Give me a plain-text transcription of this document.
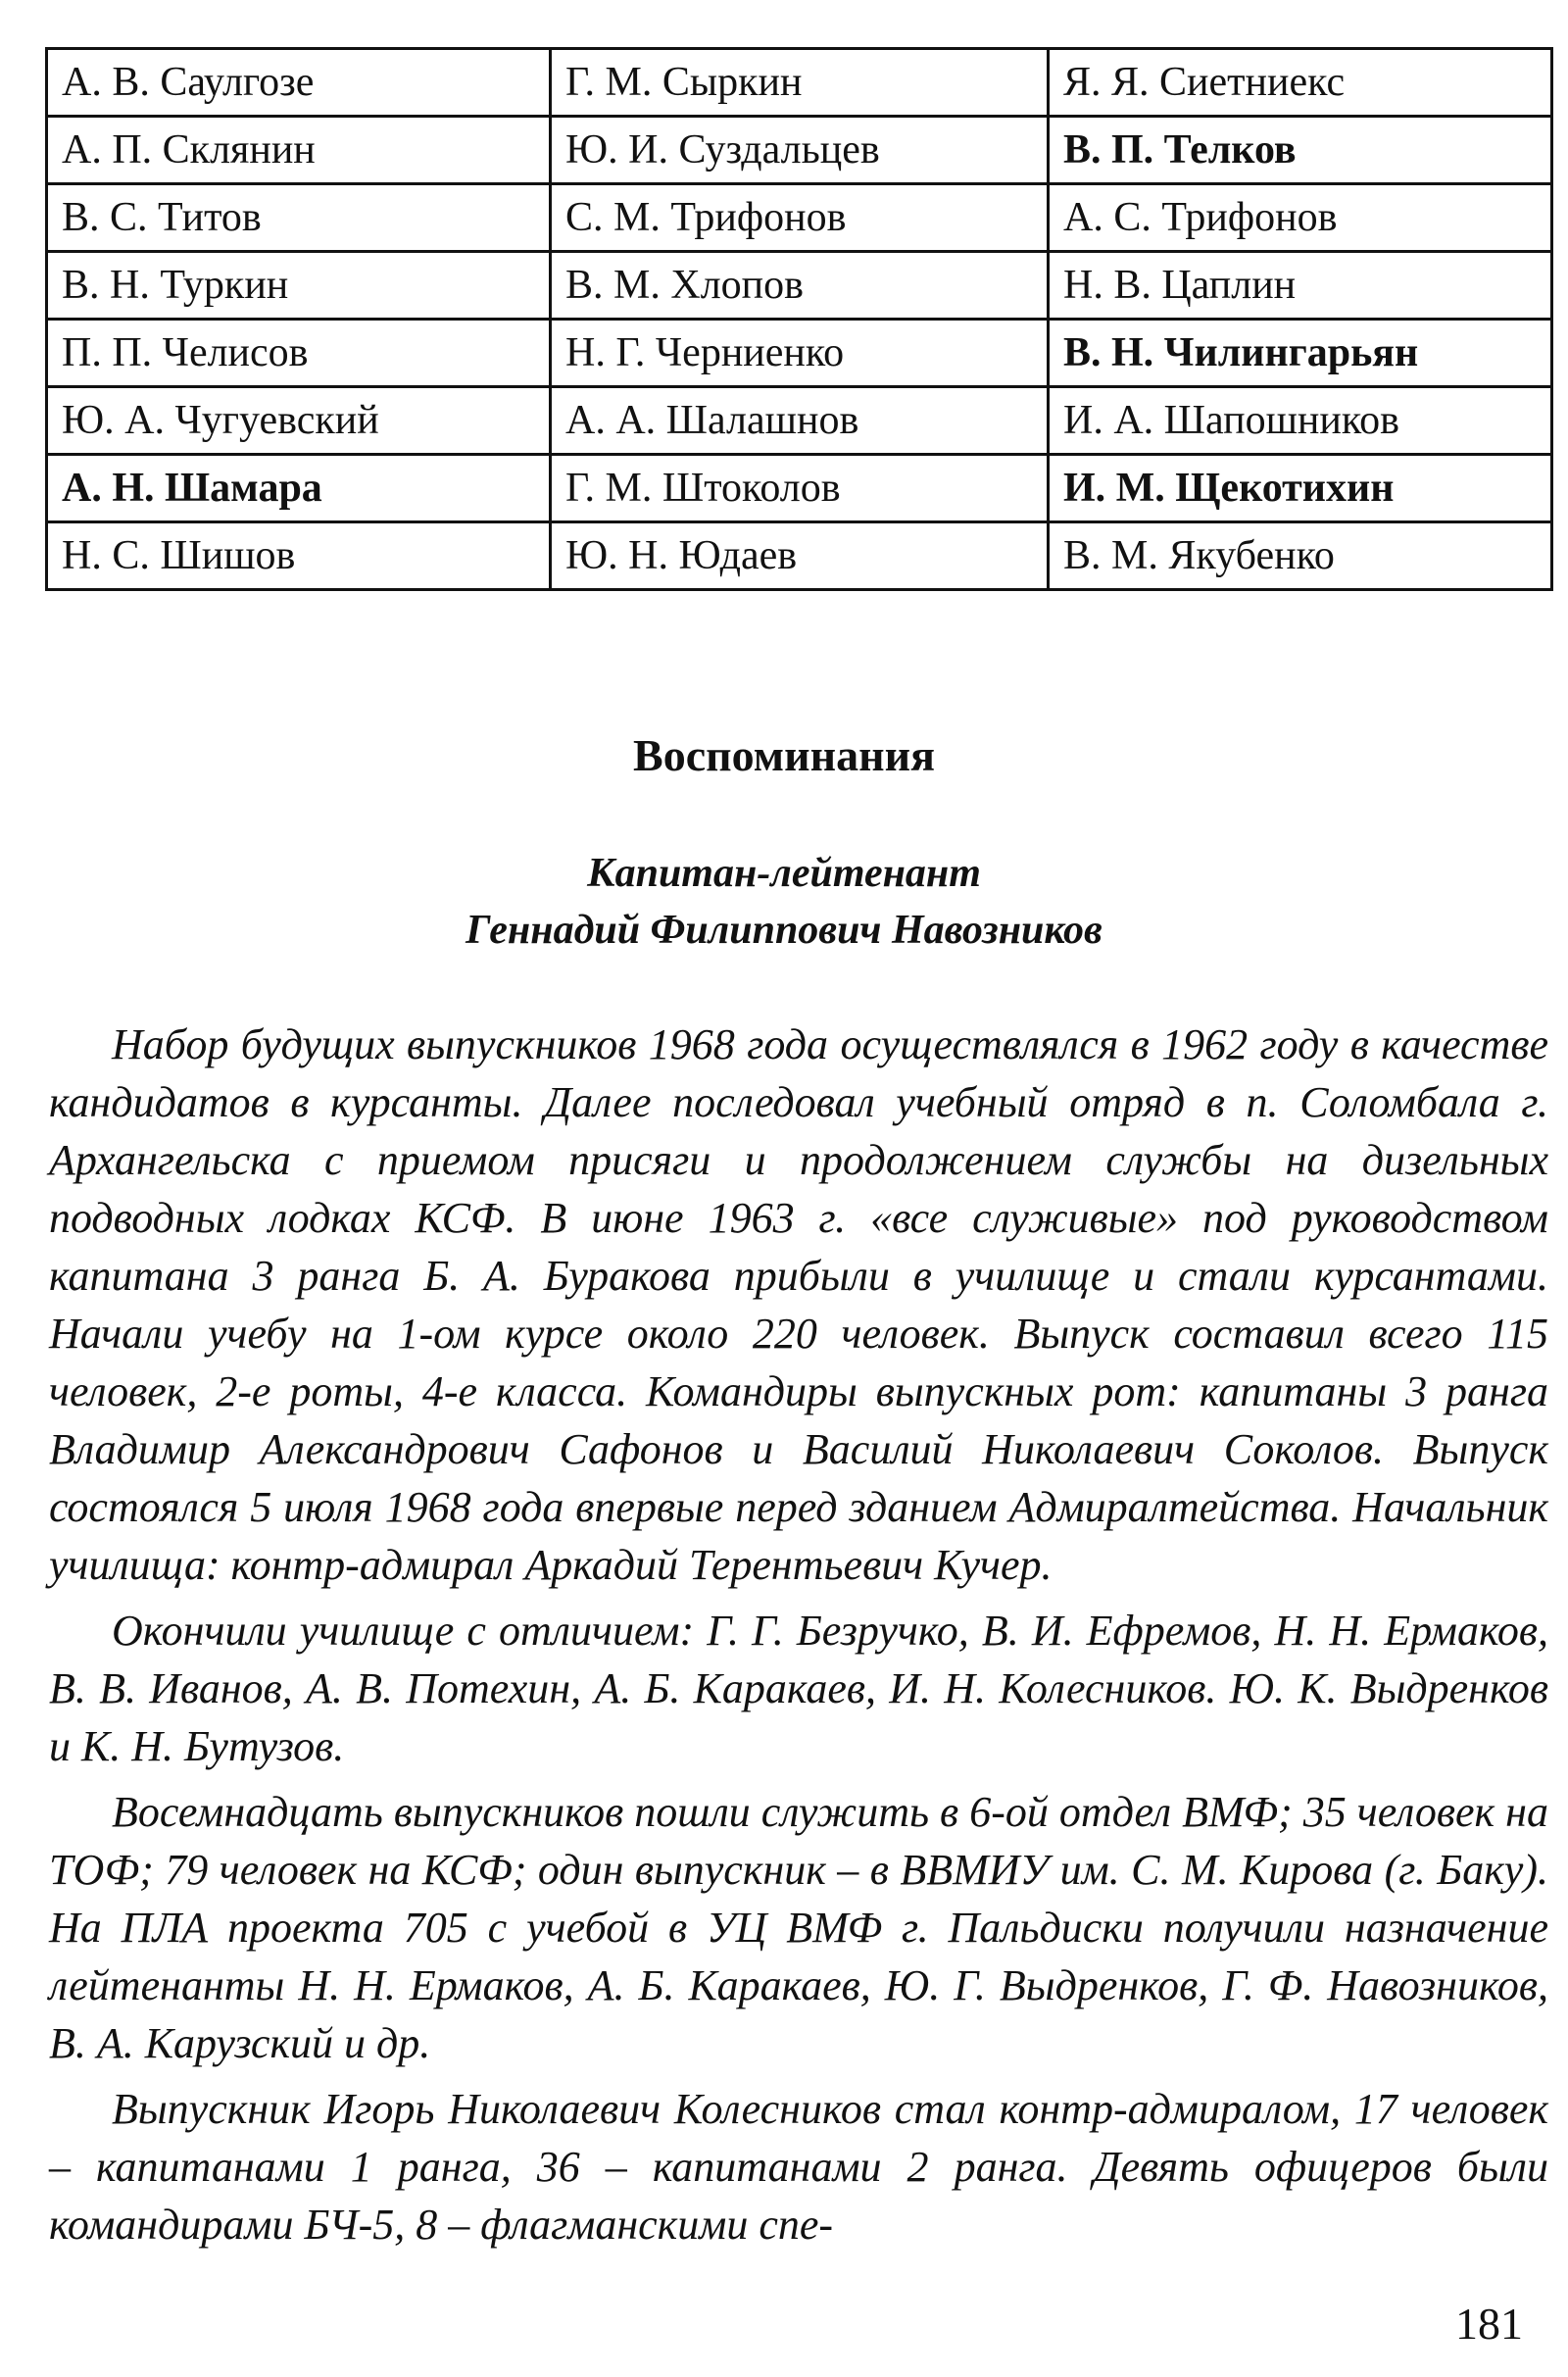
А. В. Саулгозе	Г. М. Сыркин	Я. Я. Сиетниекс
А. П. Склянин	Ю. И. Суздальцев	В. П. Телков
В. С. Титов	С. М. Трифонов	А. С. Трифонов
В. Н. Туркин	В. М. Хлопов	Н. В. Цаплин
П. П. Челисов	Н. Г. Черниенко	В. Н. Чилингарьян
Ю. А. Чугуевский	А. А. Шалашнов	И. А. Шапошников
А. Н. Шамара	Г. М. Штоколов	И. М. Щекотихин
Н. С. Шишов	Ю. Н. Юдаев	В. М. Якубенко
Воспоминания
Капитан-лейтенант
Геннадий Филиппович Навозников

Набор будущих выпускников 1968 года осуществлялся в 1962 году в качестве кандидатов в курсанты. Далее последовал учебный отряд в п. Соломбала г. Архангельска с приемом присяги и продолжением службы на дизельных подводных лодках КСФ. В июне 1963 г. «все служивые» под руководством капитана 3 ранга Б. А. Буракова прибыли в училище и стали курсантами. Начали учебу на 1-ом курсе около 220 человек. Выпуск составил всего 115 человек, 2-е роты, 4-е класса. Командиры выпускных рот: капитаны 3 ранга Владимир Александрович Сафонов и Василий Николаевич Соколов. Выпуск состоялся 5 июля 1968 года впервые перед зданием Адмиралтейства. Начальник училища: контр-адмирал Аркадий Терентьевич Кучер.

Окончили училище с отличием: Г. Г. Безручко, В. И. Ефремов, Н. Н. Ермаков, В. В. Иванов, А. В. Потехин, А. Б. Каракаев, И. Н. Колесников. Ю. К. Выдренков и К. Н. Бутузов.

Восемнадцать выпускников пошли служить в 6-ой отдел ВМФ; 35 человек на ТОФ; 79 человек на КСФ; один выпускник – в ВВМИУ им. С. М. Кирова (г. Баку). На ПЛА проекта 705 с учебой в УЦ ВМФ г. Пальдиски получили назначение лейтенанты Н. Н. Ермаков, А. Б. Каракаев, Ю. Г. Выдренков, Г. Ф. Навозников, В. А. Карузский и др.

Выпускник Игорь Николаевич Колесников стал контр-адмиралом, 17 человек – капитанами 1 ранга, 36 – капитанами 2 ранга. Девять офицеров были командирами БЧ-5, 8 – флагманскими спе-

181
